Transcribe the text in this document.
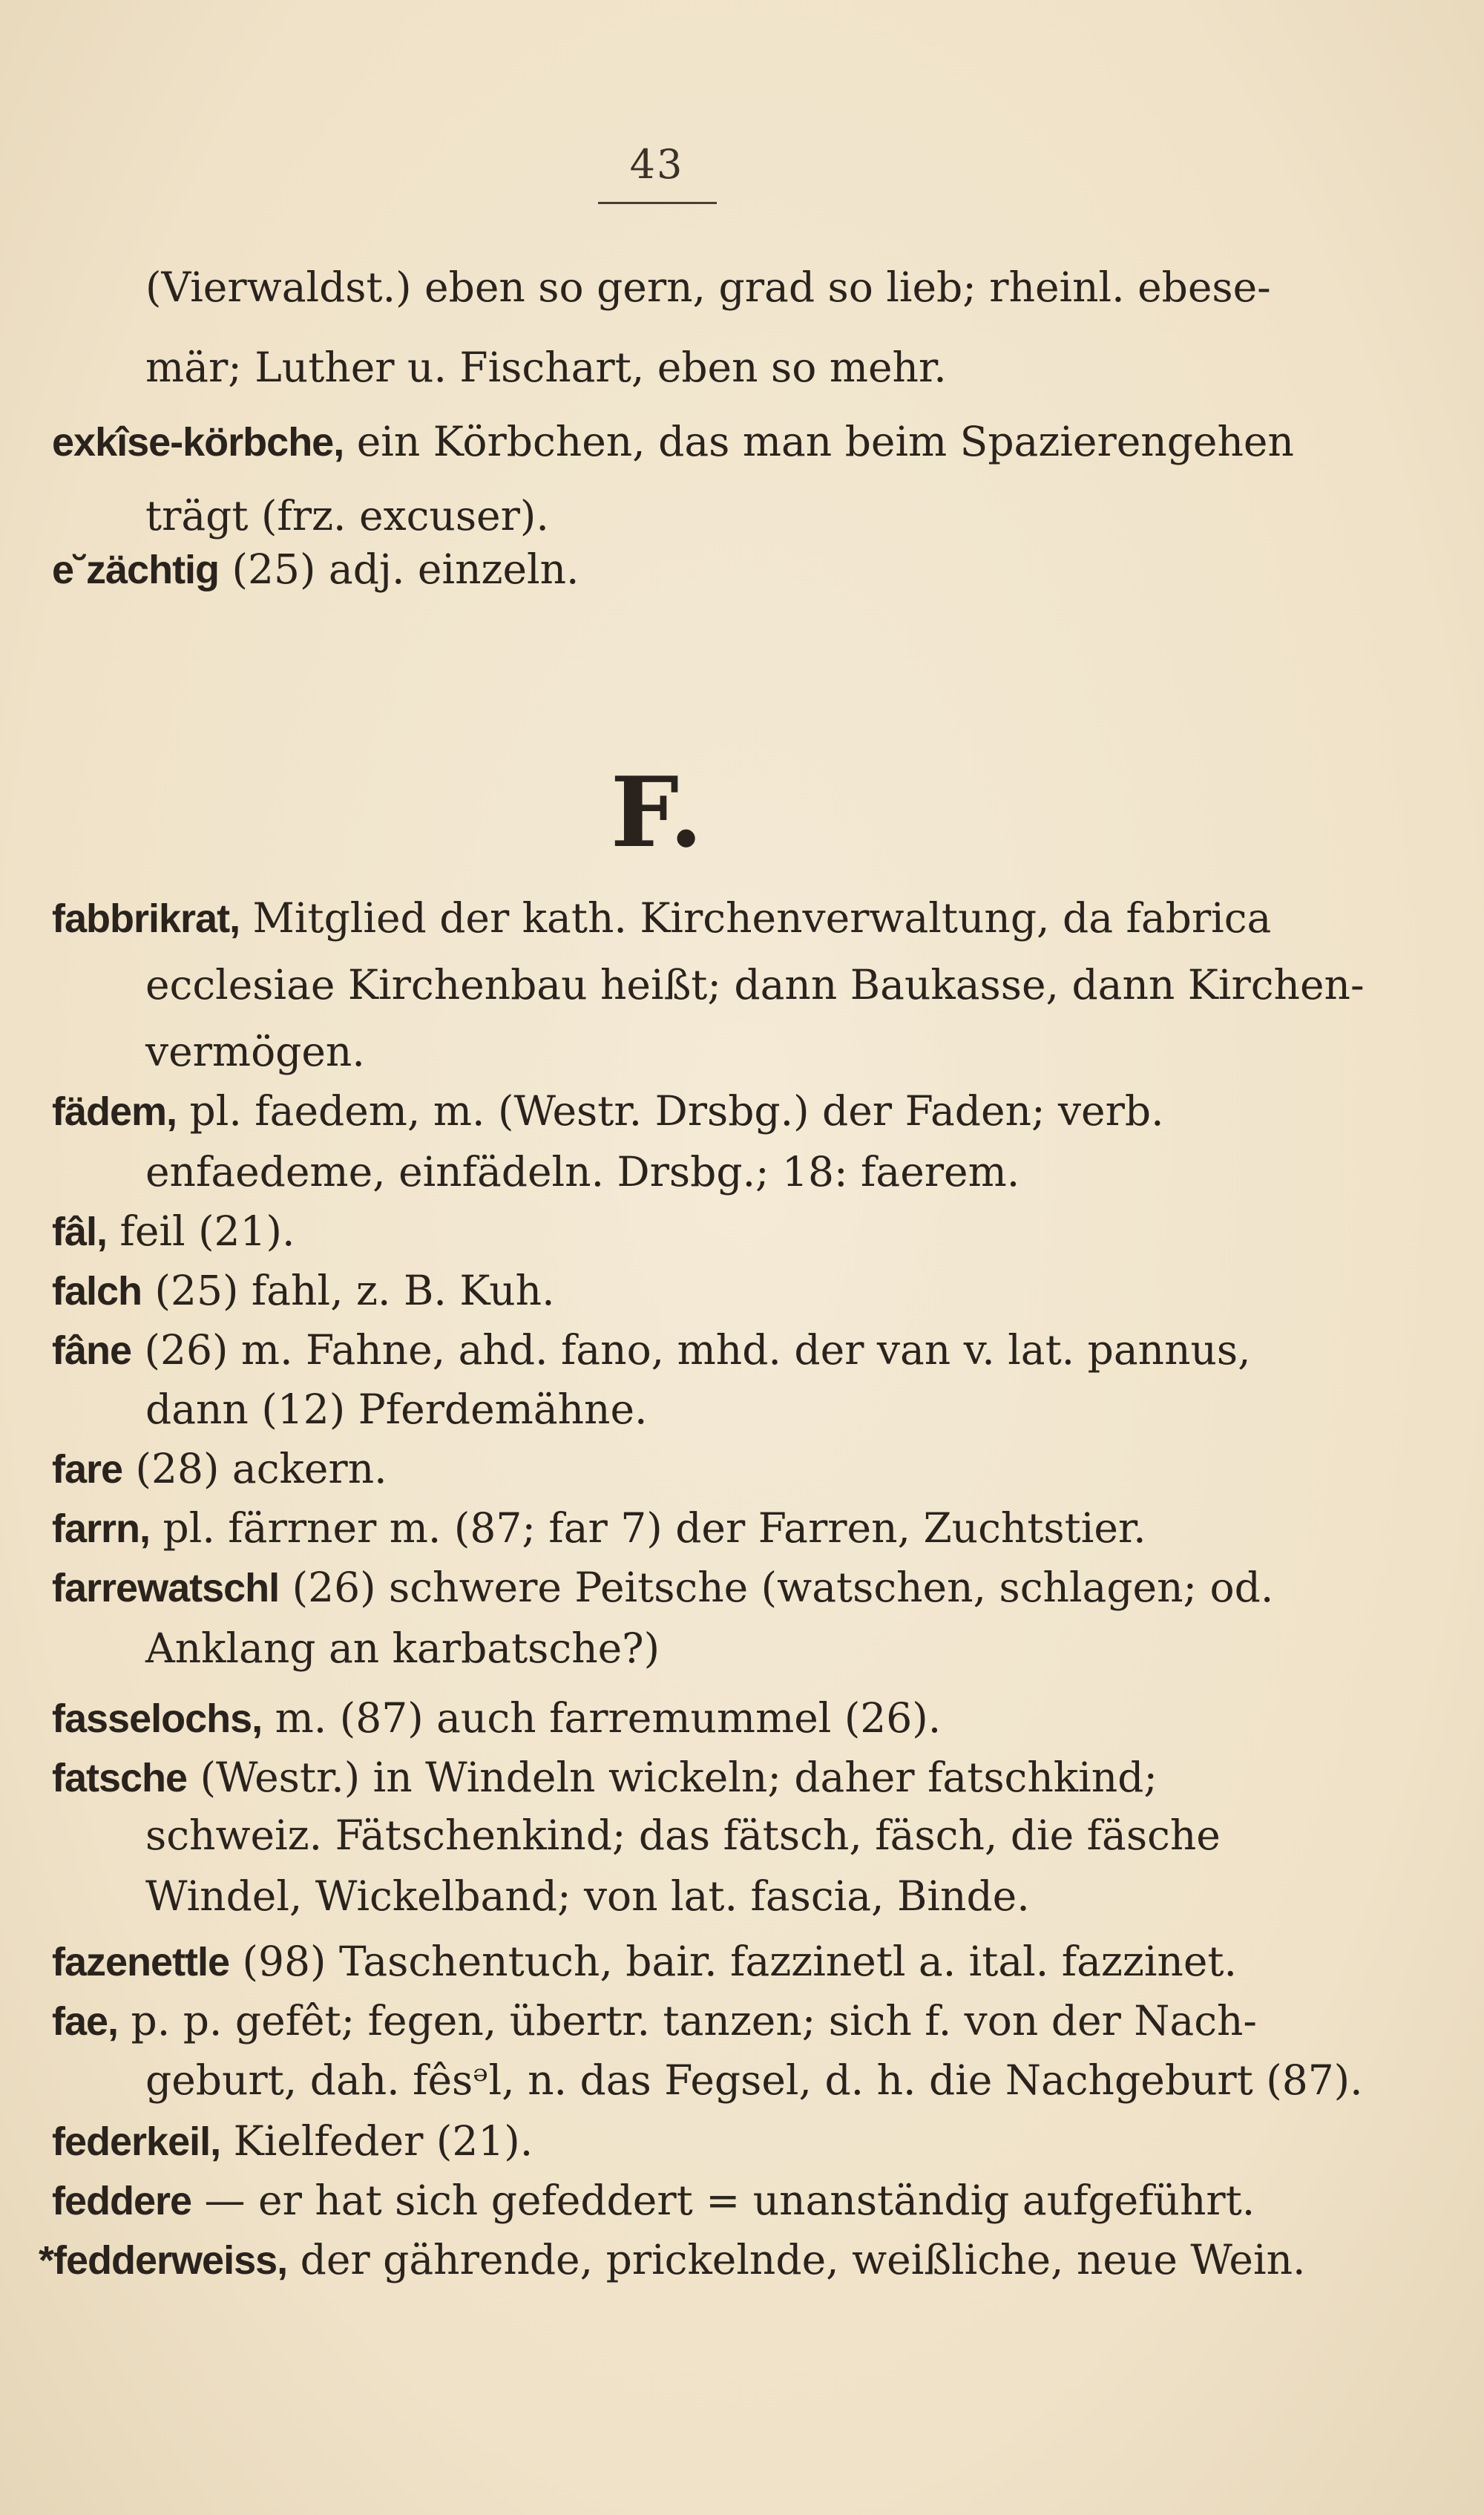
43
(Vierwaldst.) eben so gern, grad so lieb; rheinl. ebese-
mär; Luther u. Fischart, eben so mehr.
exkîse-körbche, ein Körbchen, das man beim Spazierengehen
trägt (frz. excuser).
e˘zächtig (25) adj. einzeln.
F.
fabbrikrat, Mitglied der kath. Kirchenverwaltung, da fabrica
ecclesiae Kirchenbau heißt; dann Baukasse, dann Kirchen-
vermögen.
fädem, pl. faedem, m. (Westr. Drsbg.) der Faden; verb.
enfaedeme, einfädeln. Drsbg.; 18: faerem.
fâl, feil (21).
falch (25) fahl, z. B. Kuh.
fâne (26) m. Fahne, ahd. fano, mhd. der van v. lat. pannus,
dann (12) Pferdemähne.
fare (28) ackern.
farrn, pl. färrner m. (87; far 7) der Farren, Zuchtstier.
farrewatschl (26) schwere Peitsche (watschen, schlagen; od.
Anklang an karbatsche?)
fasselochs, m. (87) auch farremummel (26).
fatsche (Westr.) in Windeln wickeln; daher fatschkind;
schweiz. Fätschenkind; das fätsch, fäsch, die fäsche
Windel, Wickelband; von lat. fascia, Binde.
fazenettle (98) Taschentuch, bair. fazzinetl a. ital. fazzinet.
fae, p. p. gefêt; fegen, übertr. tanzen; sich f. von der Nach-
geburt, dah. fêsᵊl, n. das Fegsel, d. h. die Nachgeburt (87).
federkeil, Kielfeder (21).
feddere — er hat sich gefeddert = unanständig aufgeführt.
*fedderweiss, der gährende, prickelnde, weißliche, neue Wein.
